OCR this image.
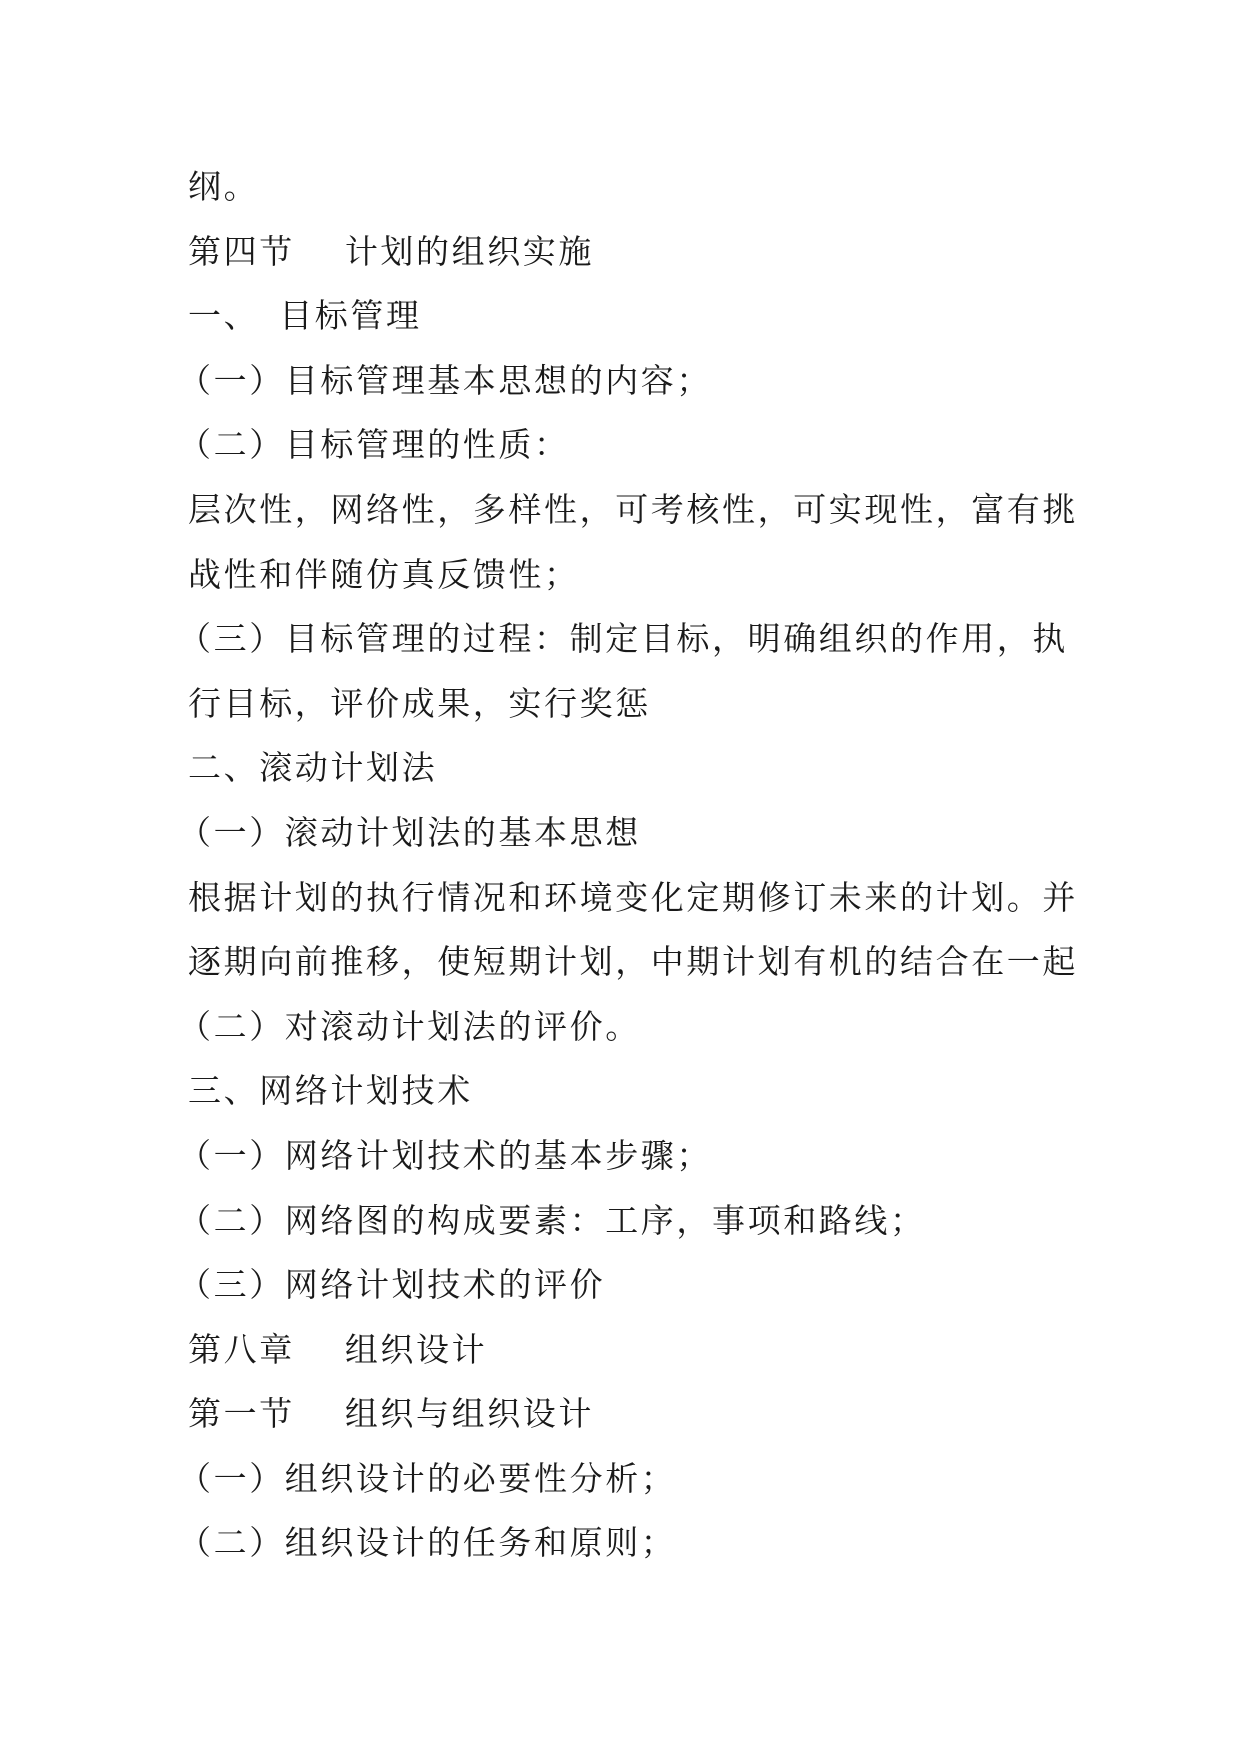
纲。
第四节 计划的组织实施
一、 目标管理
（一）目标管理基本思想的内容；
（二）目标管理的性质：
层次性，网络性，多样性，可考核性，可实现性，富有挑
战性和伴随仿真反馈性；
（三）目标管理的过程：制定目标，明确组织的作用，执
行目标，评价成果，实行奖惩
二、滚动计划法
（一）滚动计划法的基本思想
根据计划的执行情况和环境变化定期修订未来的计划。并
逐期向前推移，使短期计划，中期计划有机的结合在一起
（二）对滚动计划法的评价。
三、网络计划技术
（一）网络计划技术的基本步骤；
（二）网络图的构成要素：工序，事项和路线；
（三）网络计划技术的评价
第八章 组织设计
第一节 组织与组织设计
（一）组织设计的必要性分析；
（二）组织设计的任务和原则；
